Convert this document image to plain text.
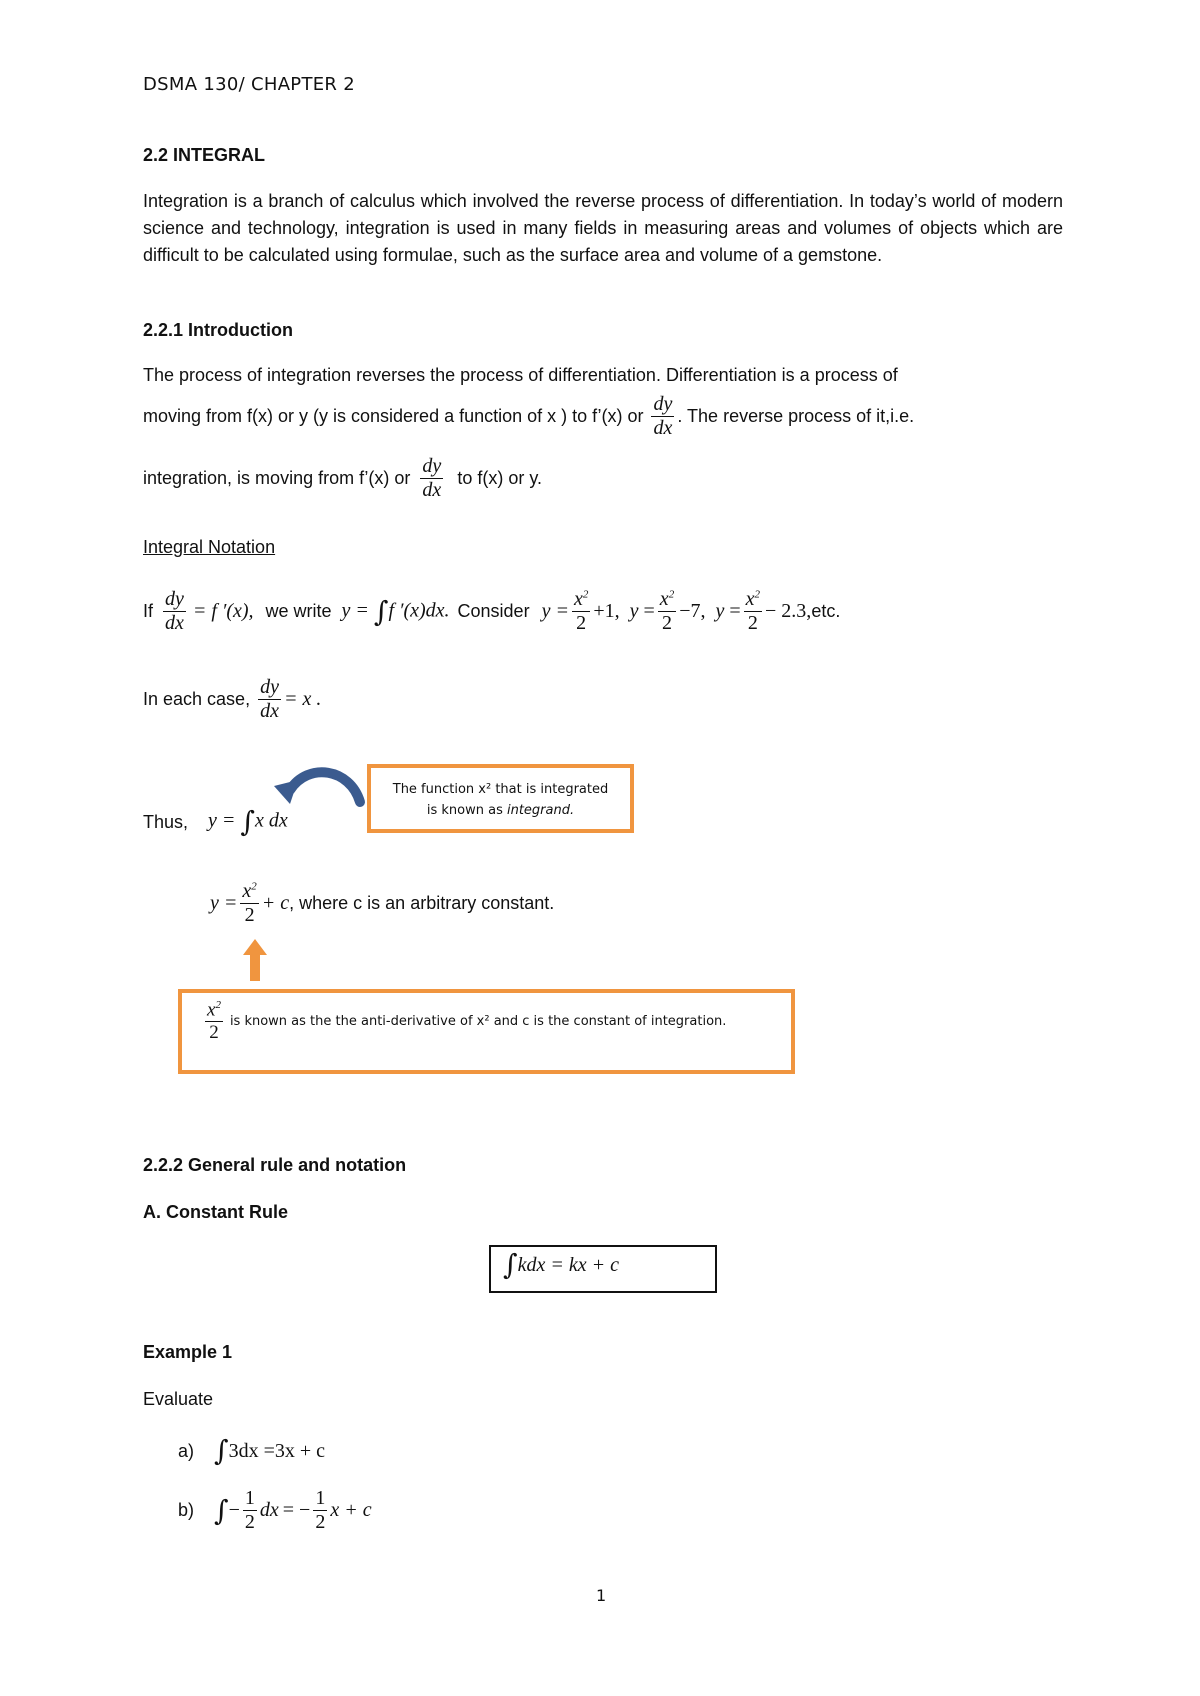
DSMA 130/ CHAPTER 2
2.2 INTEGRAL
Integration is a branch of calculus which involved the reverse process of differentiation. In today’s world of modern science and technology, integration is used in many fields in measuring areas and volumes of objects which are difficult to be calculated using formulae, such as the surface area and volume of a gemstone.
2.2.1 Introduction
The process of integration reverses the process of differentiation. Differentiation is a process of
moving from f(x) or y (y is considered a function of x ) to f’(x) or $\frac{dy}{dx}$ . The reverse process of it,i.e.
integration, is moving from f’(x) or $\frac{dy}{dx}$ to f(x) or y.
Integral Notation
If $\frac{dy}{dx} = f$ ′(x), we write y = ∫f ′(x)dx. Consider $y = \frac{x^2}{2} +1$,  $y = \frac{x^2}{2} -7$,  $y = \frac{x^2}{2} - 2.3$, etc.
In each case, $\frac{dy}{dx} = x$ .
The function x² that is integrated
is known as integrand.
Thus, y = ∫x dx
$y = \frac{x^2}{2} + c$ , where c is an arbitrary constant.
$\frac{x^2}{2}$ is known as the the anti-derivative of x² and c is the constant of integration.
2.2.2 General rule and notation
A. Constant Rule
∫ kdx = kx + c
Example 1
Evaluate
a) ∫ 3dx =3x + c
b) ∫ − $\frac{1}{2}$ dx = − $\frac{1}{2}$ x + c
1
